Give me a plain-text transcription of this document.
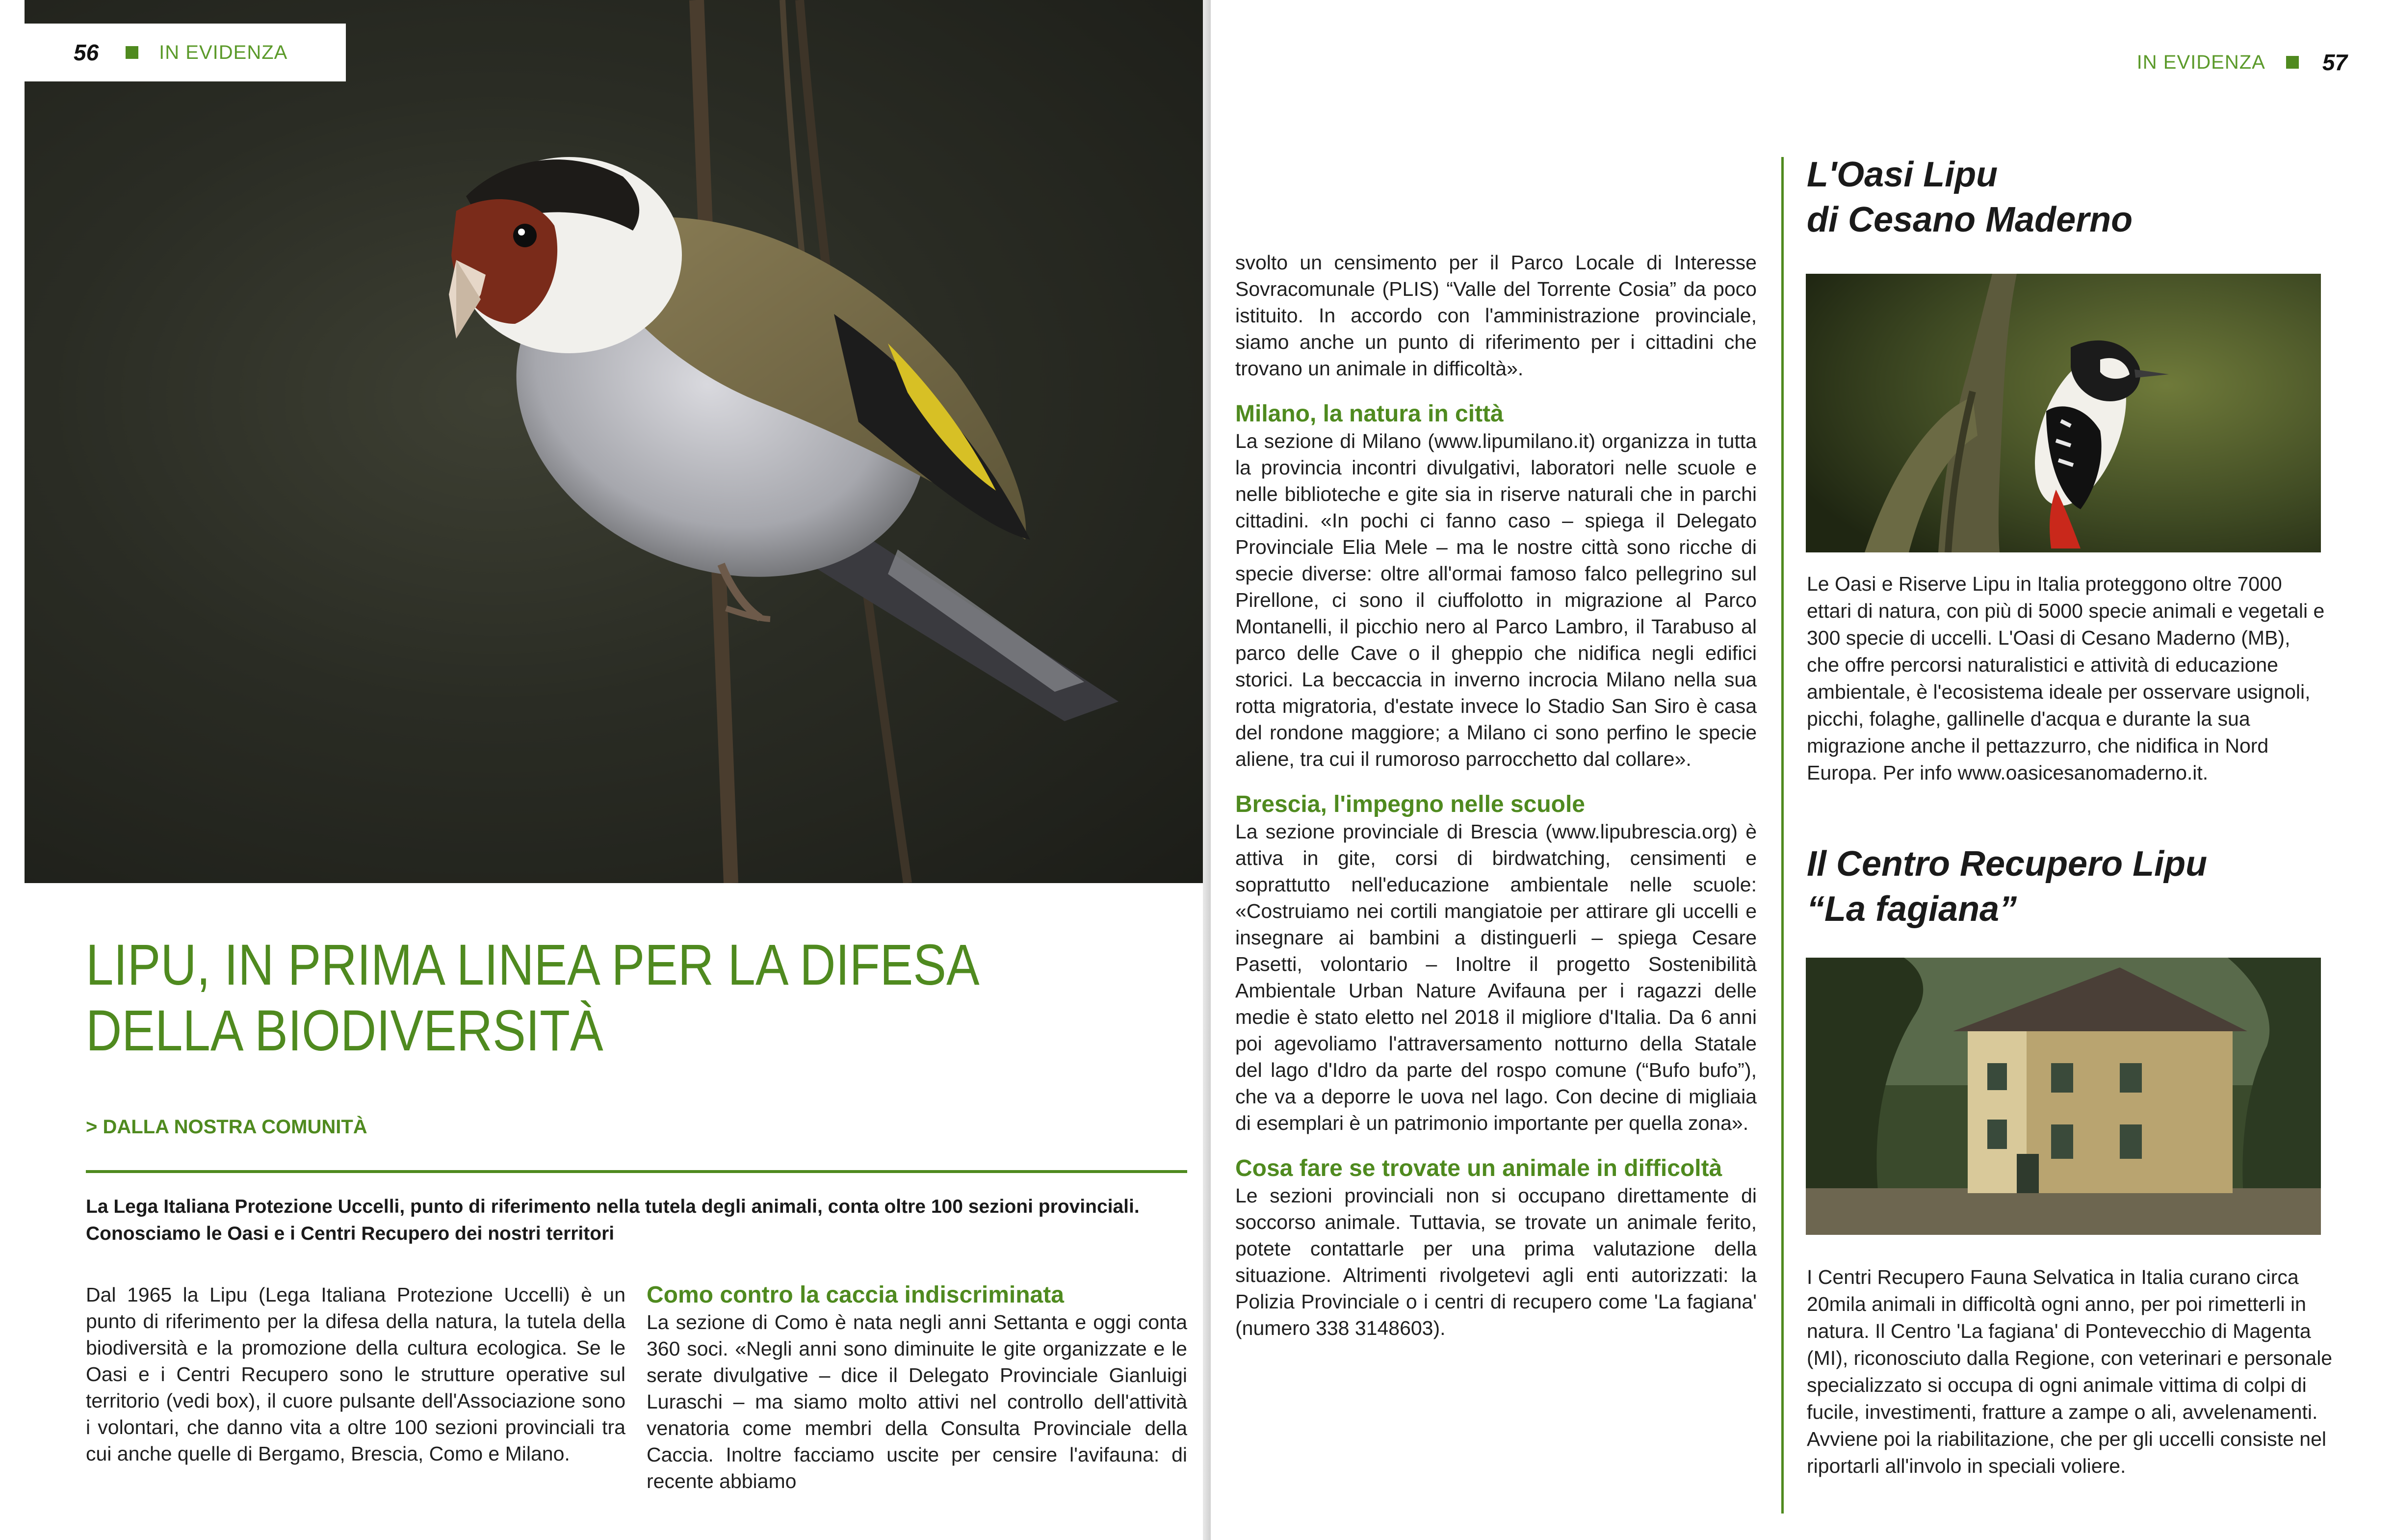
56	IN EVIDENZA
LIPU, IN PRIMA LINEA PER LA DIFESA
DELLA BIODIVERSITÀ
> DALLA NOSTRA COMUNITÀ
La Lega Italiana Protezione Uccelli, punto di riferimento nella tutela degli animali, conta oltre 100 sezioni provinciali. Conosciamo le Oasi e i Centri Recupero dei nostri territori

Dal 1965 la Lipu (Lega Italiana Protezione Uccelli) è un punto di riferimento per la difesa della natura, la tutela della biodiversità e la promozione della cultura ecologica. Se le Oasi e i Centri Recupero sono le strutture operative sul territorio (vedi box), il cuore pulsante dell'Associazione sono i volontari, che danno vita a oltre 100 sezioni provinciali tra cui anche quelle di Bergamo, Brescia, Como e Milano.

Como contro la caccia indiscriminata

La sezione di Como è nata negli anni Settanta e oggi conta 360 soci. «Negli anni sono diminuite le gite organizzate e le serate divulgative – dice il Delegato Provinciale Gianluigi Luraschi – ma siamo molto attivi nel controllo dell'attività venatoria come membri della Consulta Provinciale della Caccia. Inoltre facciamo uscite per censire l'avifauna: di recente abbiamo

IN EVIDENZA	57

svolto un censimento per il Parco Locale di Interesse Sovracomunale (PLIS) “Valle del Torrente Cosia” da poco istituito. In accordo con l'amministrazione provinciale, siamo anche un punto di riferimento per i cittadini che trovano un animale in difficoltà».

Milano, la natura in città

La sezione di Milano (www.lipumilano.it) organizza in tutta la provincia incontri divulgativi, laboratori nelle scuole e nelle biblioteche e gite sia in riserve naturali che in parchi cittadini. «In pochi ci fanno caso – spiega il Delegato Provinciale Elia Mele – ma le nostre città sono ricche di specie diverse: oltre all'ormai famoso falco pellegrino sul Pirellone, ci sono il ciuffolotto in migrazione al Parco Montanelli, il picchio nero al Parco Lambro, il Tarabuso al parco delle Cave o il gheppio che nidifica negli edifici storici. La beccaccia in inverno incrocia Milano nella sua rotta migratoria, d'estate invece lo Stadio San Siro è casa del rondone maggiore; a Milano ci sono perfino le specie aliene, tra cui il rumoroso parrocchetto dal collare».

Brescia, l'impegno nelle scuole

La sezione provinciale di Brescia (www.lipubrescia.org) è attiva in gite, corsi di birdwatching, censimenti e soprattutto nell'educazione ambientale nelle scuole: «Costruiamo nei cortili mangiatoie per attirare gli uccelli e insegnare ai bambini a distinguerli – spiega Cesare Pasetti, volontario – Inoltre il progetto Sostenibilità Ambientale Urban Nature Avifauna per i ragazzi delle medie è stato eletto nel 2018 il migliore d'Italia. Da 6 anni poi agevoliamo l'attraversamento notturno della Statale del lago d'Idro da parte del rospo comune (“Bufo bufo”), che va a deporre le uova nel lago. Con decine di migliaia di esemplari è un patrimonio importante per quella zona».

Cosa fare se trovate un animale in difficoltà

Le sezioni provinciali non si occupano direttamente di soccorso animale. Tuttavia, se trovate un animale ferito, potete contattarle per una prima valutazione della situazione. Altrimenti rivolgetevi agli enti autorizzati: la Polizia Provinciale o i centri di recupero come 'La fagiana' (numero 338 3148603).

L'Oasi Lipu
di Cesano Maderno

Le Oasi e Riserve Lipu in Italia proteggono oltre 7000 ettari di natura, con più di 5000 specie animali e vegetali e 300 specie di uccelli. L'Oasi di Cesano Maderno (MB), che offre percorsi naturalistici e attività di educazione ambientale, è l'ecosistema ideale per osservare usignoli, picchi, folaghe, gallinelle d'acqua e durante la sua migrazione anche il pettazzurro, che nidifica in Nord Europa. Per info www.oasicesanomaderno.it.

Il Centro Recupero Lipu
“La fagiana”

I Centri Recupero Fauna Selvatica in Italia curano circa 20mila animali in difficoltà ogni anno, per poi rimetterli in natura. Il Centro 'La fagiana' di Pontevecchio di Magenta (MI), riconosciuto dalla Regione, con veterinari e personale specializzato si occupa di ogni animale vittima di colpi di fucile, investimenti, fratture a zampe o ali, avvelenamenti. Avviene poi la riabilitazione, che per gli uccelli consiste nel riportarli all'involo in speciali voliere.
